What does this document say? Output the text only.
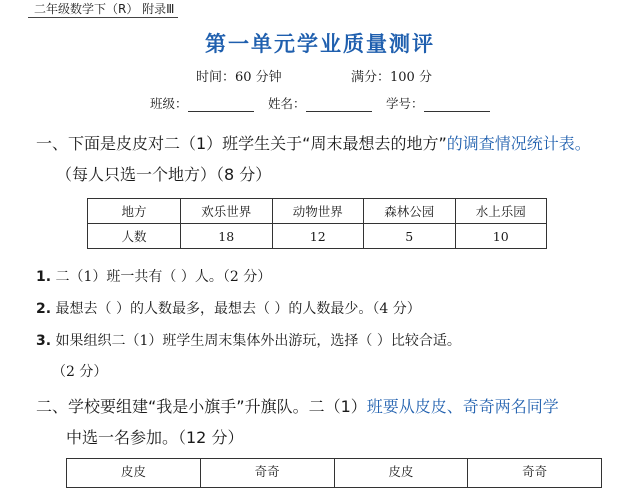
二年级数学下（R） 附录Ⅲ
第一单元学业质量测评
时间：60 分钟	满分：100 分
班级：	姓名：	学号：
一、下面是皮皮对二（1）班学生关于“周末最想去的地方”的调查情况统计表。
（每人只选一个地方）（8 分）
地方	欢乐世界	动物世界	森林公园	水上乐园
人数	18	12	5	10
1. 二（1）班一共有（ ）人。（2 分）
2. 最想去（ ）的人数最多，最想去（ ）的人数最少。（4 分）
3. 如果组织二（1）班学生周末集体外出游玩，选择（ ）比较合适。
（2 分）
二、学校要组建“我是小旗手”升旗队。二（1）班要从皮皮、奇奇两名同学
中选一名参加。（12 分）
皮皮	奇奇	皮皮	奇奇
